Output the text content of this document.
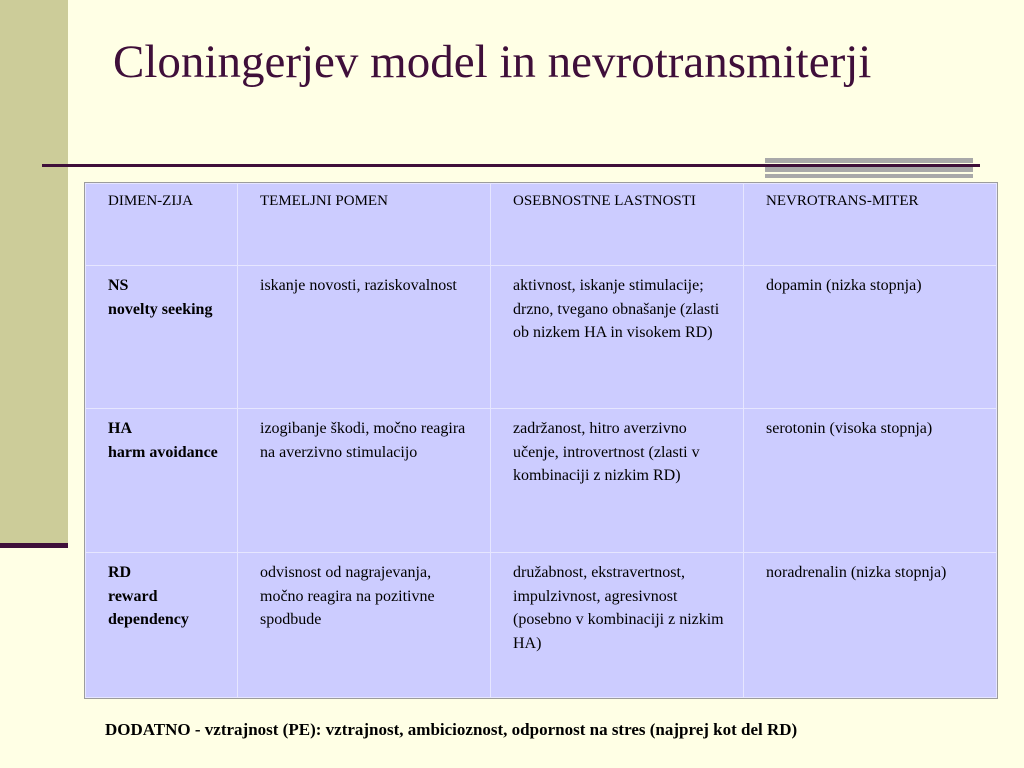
Cloningerjev model in nevrotransmiterji
DIMEN-ZIJA	TEMELJNI POMEN	OSEBNOSTNE LASTNOSTI	NEVROTRANS-MITER

NS
novelty seeking	iskanje novosti, raziskovalnost	aktivnost, iskanje stimulacije; drzno, tvegano obnašanje (zlasti ob nizkem HA in visokem RD)	dopamin (nizka stopnja)

HA
harm avoidance	izogibanje škodi, močno reagira na averzivno stimulacijo	zadržanost, hitro averzivno učenje, introvertnost (zlasti v kombinaciji z nizkim RD)	serotonin (visoka stopnja)

RD
reward dependency	odvisnost od nagrajevanja, močno reagira na pozitivne spodbude	družabnost, ekstravertnost, impulzivnost, agresivnost (posebno v kombinaciji z nizkim HA)	noradrenalin (nizka stopnja)
DODATNO - vztrajnost (PE): vztrajnost, ambicioznost, odpornost na stres (najprej kot del RD)
